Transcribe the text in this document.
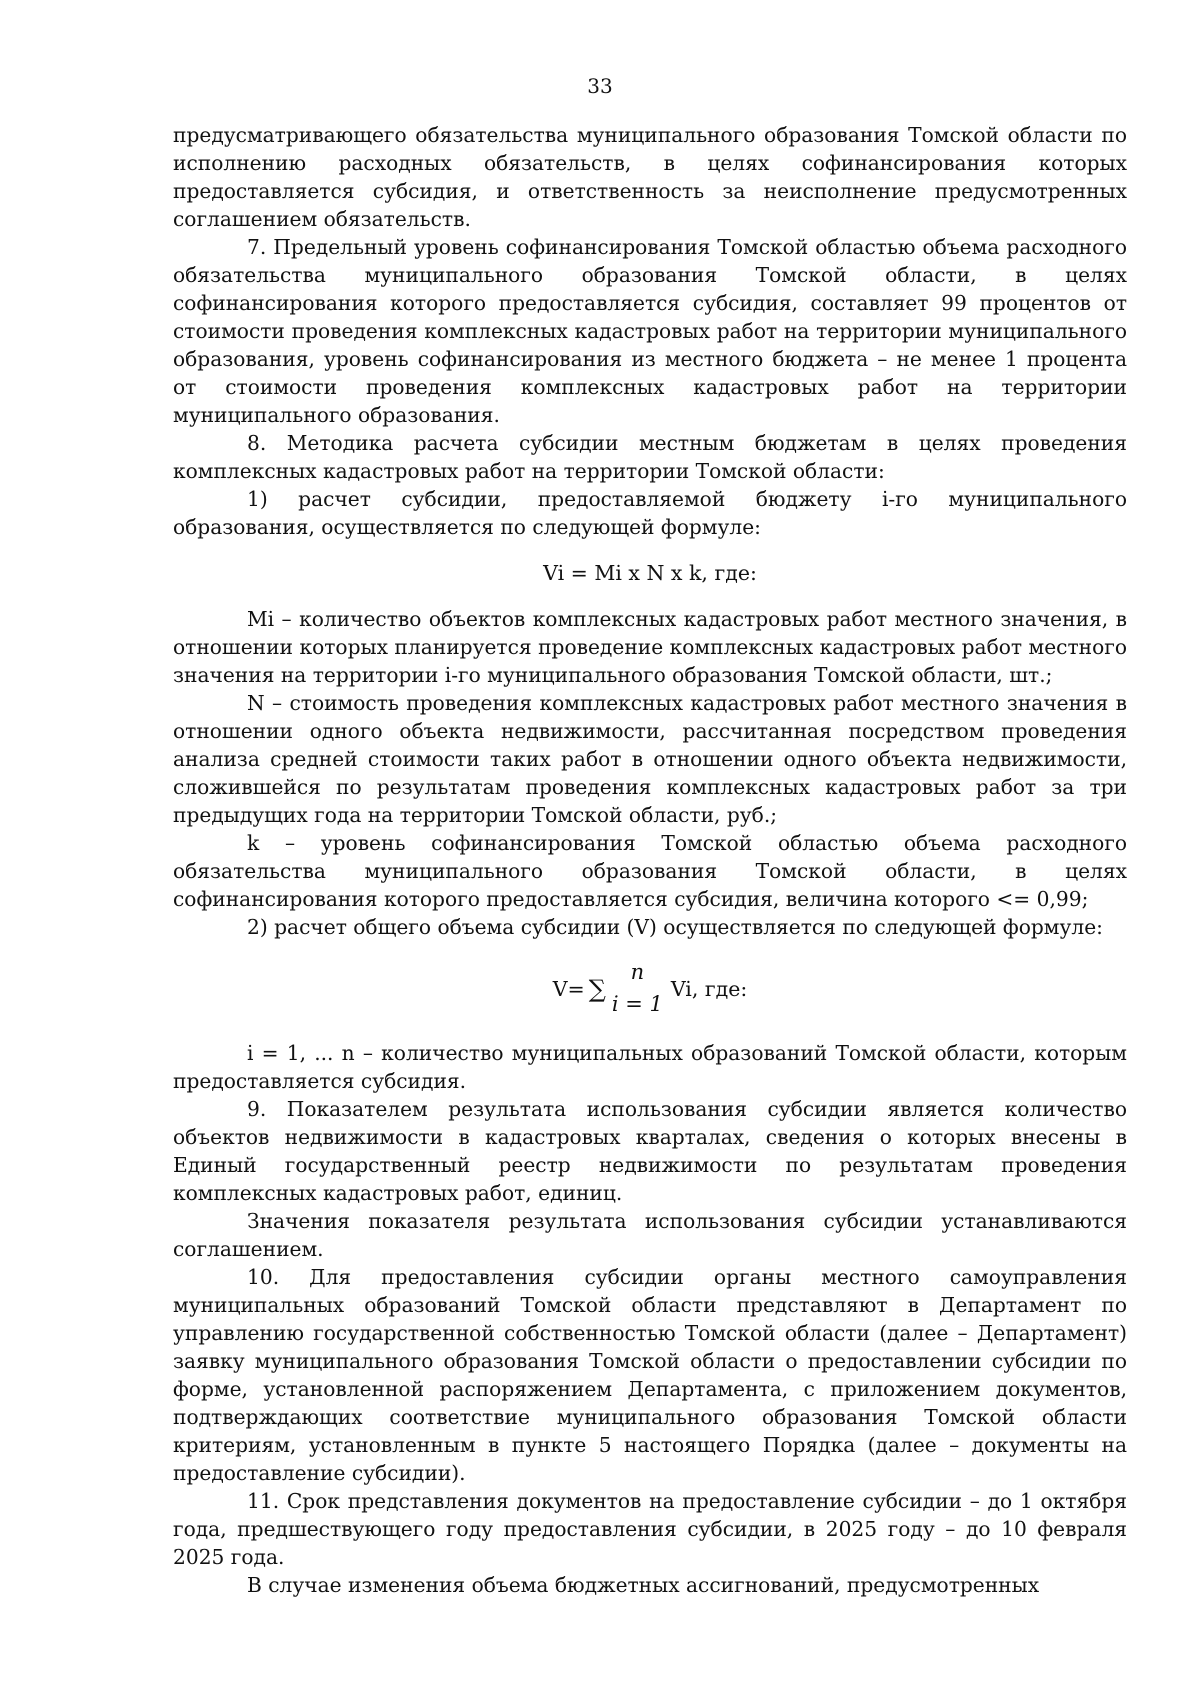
33

предусматривающего обязательства муниципального образования Томской области по исполнению расходных обязательств, в целях софинансирования которых предоставляется субсидия, и ответственность за неисполнение предусмотренных соглашением обязательств.

7. Предельный уровень софинансирования Томской областью объема расходного обязательства муниципального образования Томской области, в целях софинансирования которого предоставляется субсидия, составляет 99 процентов от стоимости проведения комплексных кадастровых работ на территории муниципального образования, уровень софинансирования из местного бюджета – не менее 1 процента от стоимости проведения комплексных кадастровых работ на территории муниципального образования.

8. Методика расчета субсидии местным бюджетам в целях проведения комплексных кадастровых работ на территории Томской области:

1) расчет субсидии, предоставляемой бюджету i-го муниципального образования, осуществляется по следующей формуле:

Vi = Mi x N x k, где:

Mi – количество объектов комплексных кадастровых работ местного значения, в отношении которых планируется проведение комплексных кадастровых работ местного значения на территории i-го муниципального образования Томской области, шт.;

N – стоимость проведения комплексных кадастровых работ местного значения в отношении одного объекта недвижимости, рассчитанная посредством проведения анализа средней стоимости таких работ в отношении одного объекта недвижимости, сложившейся по результатам проведения комплексных кадастровых работ за три предыдущих года на территории Томской области, руб.;

k – уровень софинансирования Томской областью объема расходного обязательства муниципального образования Томской области, в целях софинансирования которого предоставляется субсидия, величина которого <= 0,99;

2) расчет общего объема субсидии (V) осуществляется по следующей формуле:

V= ∑
n
i = 1
Vi, где:

i = 1, ... n – количество муниципальных образований Томской области, которым предоставляется субсидия.

9. Показателем результата использования субсидии является количество объектов недвижимости в кадастровых кварталах, сведения о которых внесены в Единый государственный реестр недвижимости по результатам проведения комплексных кадастровых работ, единиц.

Значения показателя результата использования субсидии устанавливаются соглашением.

10. Для предоставления субсидии органы местного самоуправления муниципальных образований Томской области представляют в Департамент по управлению государственной собственностью Томской области (далее – Департамент) заявку муниципального образования Томской области о предоставлении субсидии по форме, установленной распоряжением Департамента, с приложением документов, подтверждающих соответствие муниципального образования Томской области критериям, установленным в пункте 5 настоящего Порядка (далее – документы на предоставление субсидии).

11. Срок представления документов на предоставление субсидии – до 1 октября года, предшествующего году предоставления субсидии, в 2025 году – до 10 февраля 2025 года.

В случае изменения объема бюджетных ассигнований, предусмотренных
